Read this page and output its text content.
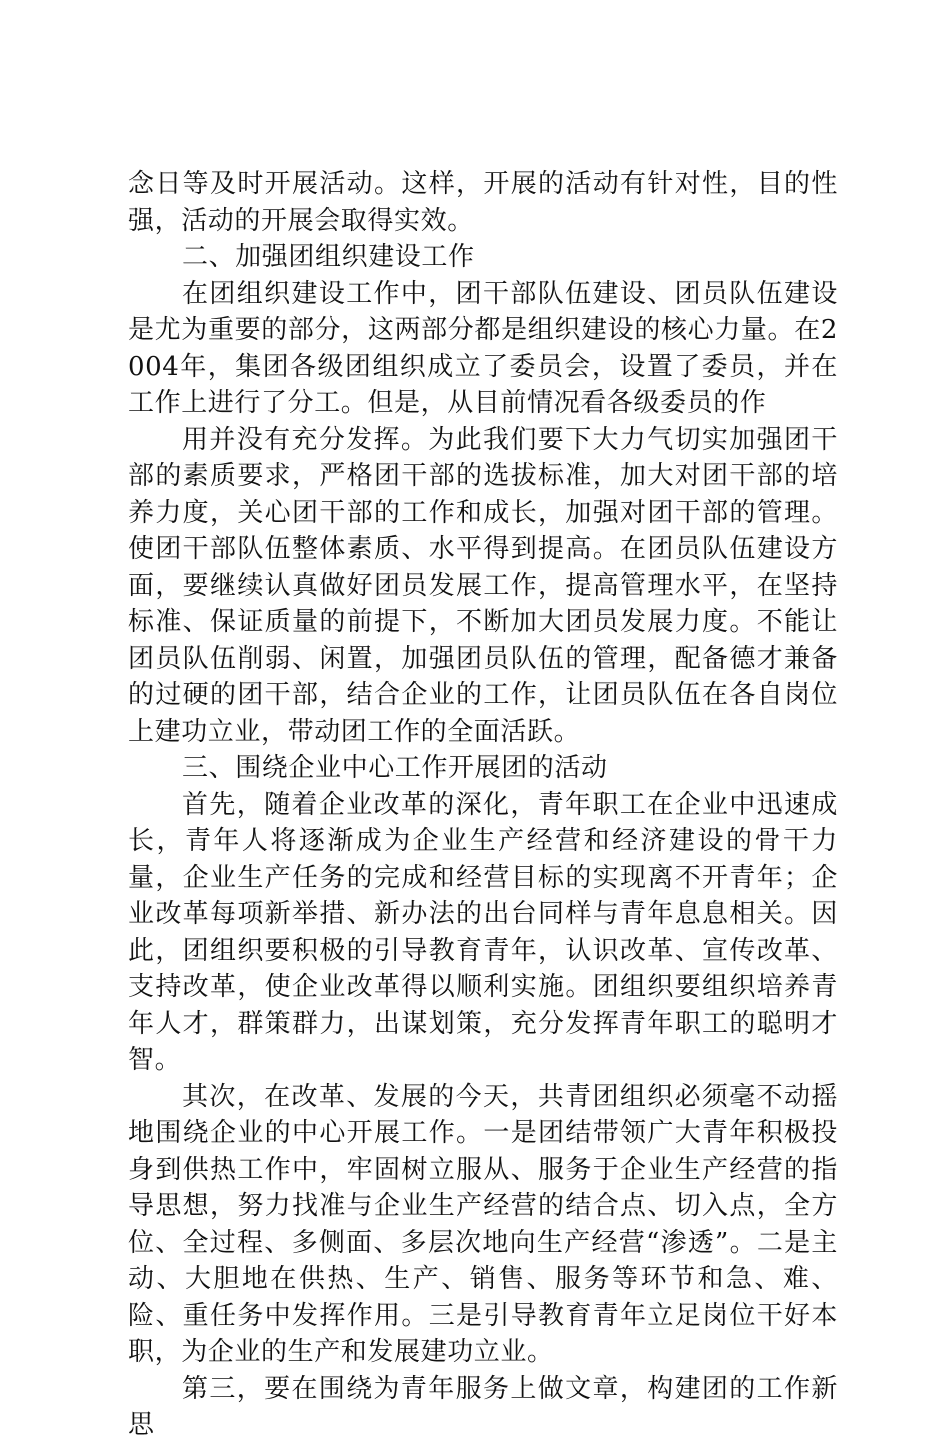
念日等及时开展活动。这样，开展的活动有针对性，目的性强，活动的开展会取得实效。

二、加强团组织建设工作

在团组织建设工作中，团干部队伍建设、团员队伍建设是尤为重要的部分，这两部分都是组织建设的核心力量。在2004年，集团各级团组织成立了委员会，设置了委员，并在工作上进行了分工。但是，从目前情况看各级委员的作

用并没有充分发挥。为此我们要下大力气切实加强团干部的素质要求，严格团干部的选拔标准，加大对团干部的培养力度，关心团干部的工作和成长，加强对团干部的管理。使团干部队伍整体素质、水平得到提高。在团员队伍建设方面，要继续认真做好团员发展工作，提高管理水平，在坚持标准、保证质量的前提下，不断加大团员发展力度。不能让团员队伍削弱、闲置，加强团员队伍的管理，配备德才兼备的过硬的团干部，结合企业的工作，让团员队伍在各自岗位上建功立业，带动团工作的全面活跃。

三、围绕企业中心工作开展团的活动

首先，随着企业改革的深化，青年职工在企业中迅速成长，青年人将逐渐成为企业生产经营和经济建设的骨干力量，企业生产任务的完成和经营目标的实现离不开青年；企业改革每项新举措、新办法的出台同样与青年息息相关。因此，团组织要积极的引导教育青年，认识改革、宣传改革、支持改革，使企业改革得以顺利实施。团组织要组织培养青年人才，群策群力，出谋划策，充分发挥青年职工的聪明才智。

其次，在改革、发展的今天，共青团组织必须毫不动摇地围绕企业的中心开展工作。一是团结带领广大青年积极投身到供热工作中，牢固树立服从、服务于企业生产经营的指导思想，努力找准与企业生产经营的结合点、切入点，全方位、全过程、多侧面、多层次地向生产经营“渗透”。二是主动、大胆地在供热、生产、销售、服务等环节和急、难、险、重任务中发挥作用。三是引导教育青年立足岗位干好本职，为企业的生产和发展建功立业。

第三，要在围绕为青年服务上做文章，构建团的工作新思
